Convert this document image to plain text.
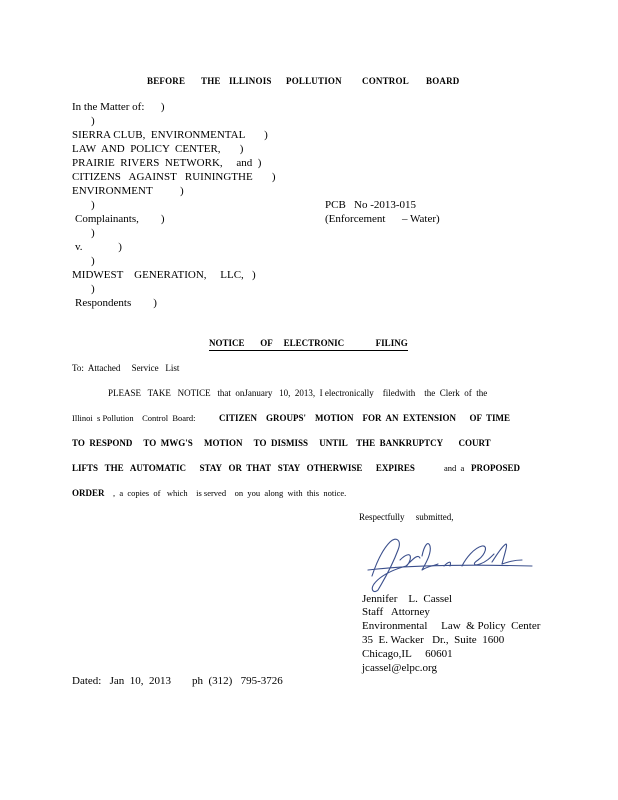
BEFORE THE ILLINOIS POLLUTION CONTROL BOARD
In the Matter of:      )
)
SIERRA CLUB,  ENVIRONMENTAL       )
LAW  AND  POLICY  CENTER,       )
PRAIRIE  RIVERS  NETWORK,     and  )
CITIZENS   AGAINST   RUININGTHE       )
ENVIRONMENT          )
)	PCB   No -2013-015
Complainants,        )	(Enforcement      – Water)
)
v.             )
)
MIDWEST    GENERATION,     LLC,   )
)
Respondents        )
NOTICE       OF     ELECTRONIC              FILING
To:  Attached     Service   List
PLEASE   TAKE   NOTICE   that  onJanuary   10,  2013,  I electronically    filedwith    the  Clerk  of  the
Illinoi  s Pollution    Control  Board:	CITIZEN    GROUPS'    MOTION    FOR  AN  EXTENSION      OF  TIME
TO  RESPOND     TO  MWG'S     MOTION     TO  DISMISS     UNTIL    THE  BANKRUPTCY       COURT
LIFTS   THE   AUTOMATIC      STAY   OR  THAT   STAY   OTHERWISE      EXPIRES	and  a PROPOSED
ORDER ,  a  copies  of   which    is served    on  you  along  with  this  notice.
Respectfully     submitted,
Jennifer    L.  Cassel
Staff   Attorney
Environmental     Law  & Policy  Center
35  E. Wacker   Dr.,  Suite  1600
Chicago,IL     60601
jcassel@elpc.org
Dated:   Jan  10,  2013 ph  (312)   795-3726
